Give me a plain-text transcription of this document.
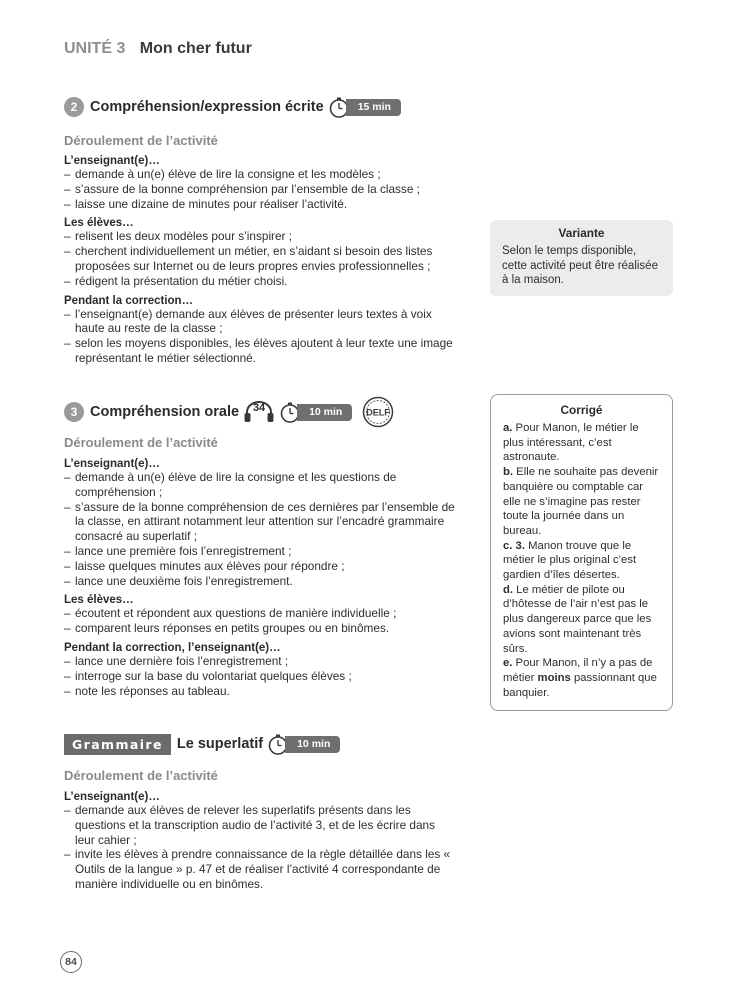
UNITÉ 3 Mon cher futur
2 Compréhension/expression écrite	15 min
Déroulement de l’activité
L’enseignant(e)…
– demande à un(e) élève de lire la consigne et les modèles ;
– s’assure de la bonne compréhension par l’ensemble de la classe ;
– laisse une dizaine de minutes pour réaliser l’activité.
Les élèves…
– relisent les deux modèles pour s’inspirer ;
– cherchent individuellement un métier, en s’aidant si besoin des listes proposées sur Internet ou de leurs propres envies professionnelles ;
– rédigent la présentation du métier choisi.
Pendant la correction…
– l’enseignant(e) demande aux élèves de présenter leurs textes à voix haute au reste de la classe ;
– selon les moyens disponibles, les élèves ajoutent à leur texte une image représentant le métier sélectionné.
Variante
Selon le temps disponible, cette activité peut être réalisée à la maison.
3 Compréhension orale	34	10 min	DELF
Déroulement de l’activité
L’enseignant(e)…
– demande à un(e) élève de lire la consigne et les questions de compréhension ;
– s’assure de la bonne compréhension de ces dernières par l’ensemble de la classe, en attirant notamment leur attention sur l’encadré grammaire consacré au superlatif ;
– lance une première fois l’enregistrement ;
– laisse quelques minutes aux élèves pour répondre ;
– lance une deuxième fois l’enregistrement.
Les élèves…
– écoutent et répondent aux questions de manière individuelle ;
– comparent leurs réponses en petits groupes ou en binômes.
Pendant la correction, l’enseignant(e)…
– lance une dernière fois l’enregistrement ;
– interroge sur la base du volontariat quelques élèves ;
– note les réponses au tableau.
Corrigé
a. Pour Manon, le métier le plus intéressant, c’est astronaute.
b. Elle ne souhaite pas devenir banquière ou comptable car elle ne s’imagine pas rester toute la journée dans un bureau.
c. 3. Manon trouve que le métier le plus original c’est gardien d’îles désertes.
d. Le métier de pilote ou d’hôtesse de l’air n’est pas le plus dangereux parce que les avions sont maintenant très sûrs.
e. Pour Manon, il n’y a pas de métier moins passionnant que banquier.
Grammaire Le superlatif	10 min
Déroulement de l’activité
L’enseignant(e)…
– demande aux élèves de relever les superlatifs présents dans les questions et la transcription audio de l’activité 3, et de les écrire dans leur cahier ;
– invite les élèves à prendre connaissance de la règle détaillée dans les « Outils de la langue » p. 47 et de réaliser l’activité 4 correspondante de manière individuelle ou en binômes.
84
